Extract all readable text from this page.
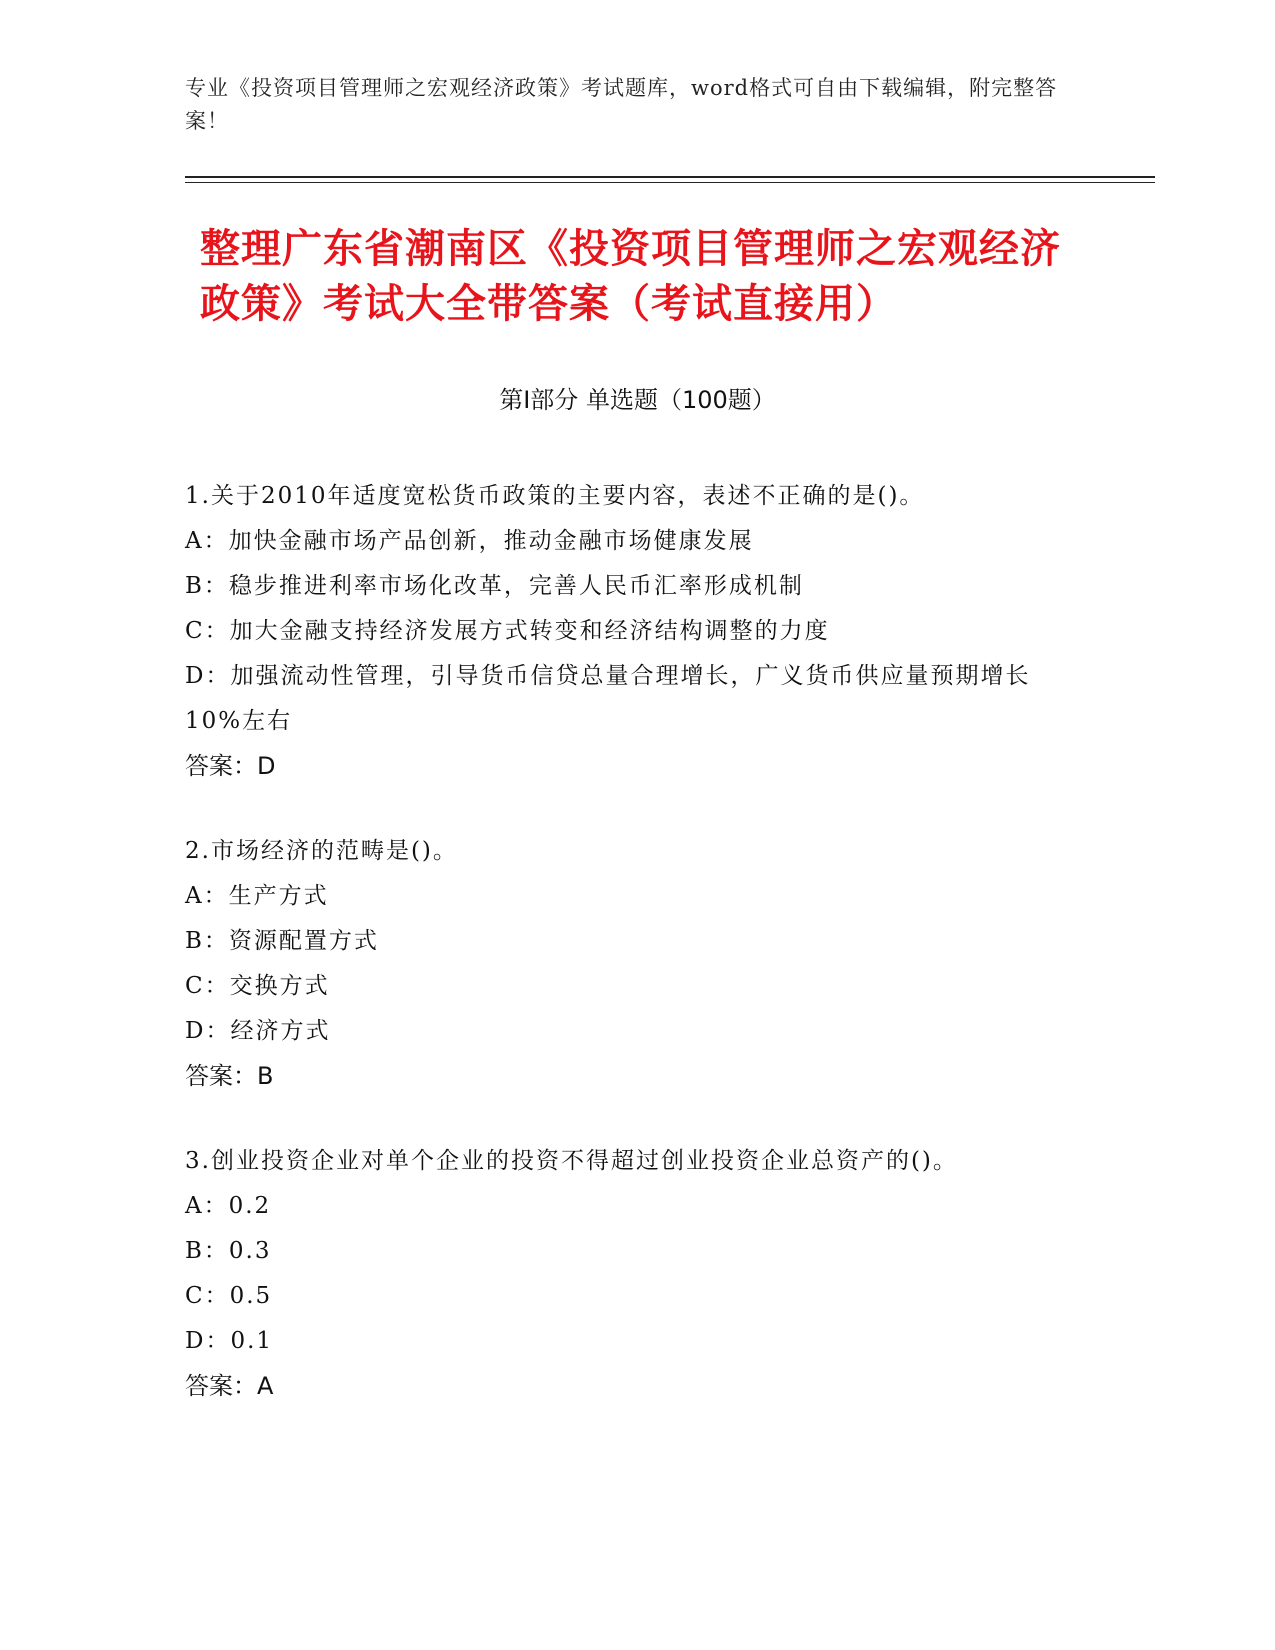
专业《投资项目管理师之宏观经济政策》考试题库，word格式可自由下载编辑，附完整答案！
整理广东省潮南区《投资项目管理师之宏观经济政策》考试大全带答案（考试直接用）
第Ⅰ部分 单选题（100题）

1.关于2010年适度宽松货币政策的主要内容，表述不正确的是()。

A：加快金融市场产品创新，推动金融市场健康发展

B：稳步推进利率市场化改革，完善人民币汇率形成机制

C：加大金融支持经济发展方式转变和经济结构调整的力度

D：加强流动性管理，引导货币信贷总量合理增长，广义货币供应量预期增长10%左右

答案：D

2.市场经济的范畴是()。

A：生产方式

B：资源配置方式

C：交换方式

D：经济方式

答案：B

3.创业投资企业对单个企业的投资不得超过创业投资企业总资产的()。

A：0.2

B：0.3

C：0.5

D：0.1

答案：A
